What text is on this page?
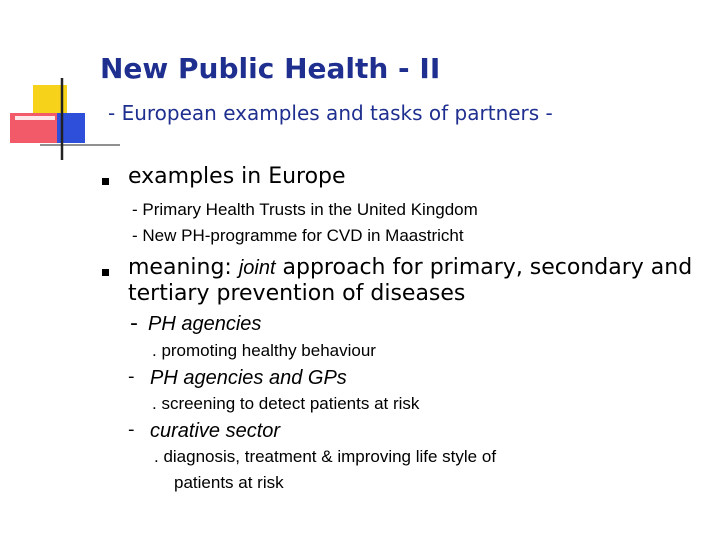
New Public Health - II
- European examples and tasks of partners -
examples in Europe
- Primary Health Trusts in the United Kingdom
- New PH-programme for CVD in Maastricht
meaning: joint approach for primary, secondary and
tertiary prevention of diseases
- PH agencies
. promoting healthy behaviour
- PH agencies and GPs
. screening to detect patients at risk
- curative sector
. diagnosis, treatment & improving life style of
patients at risk
